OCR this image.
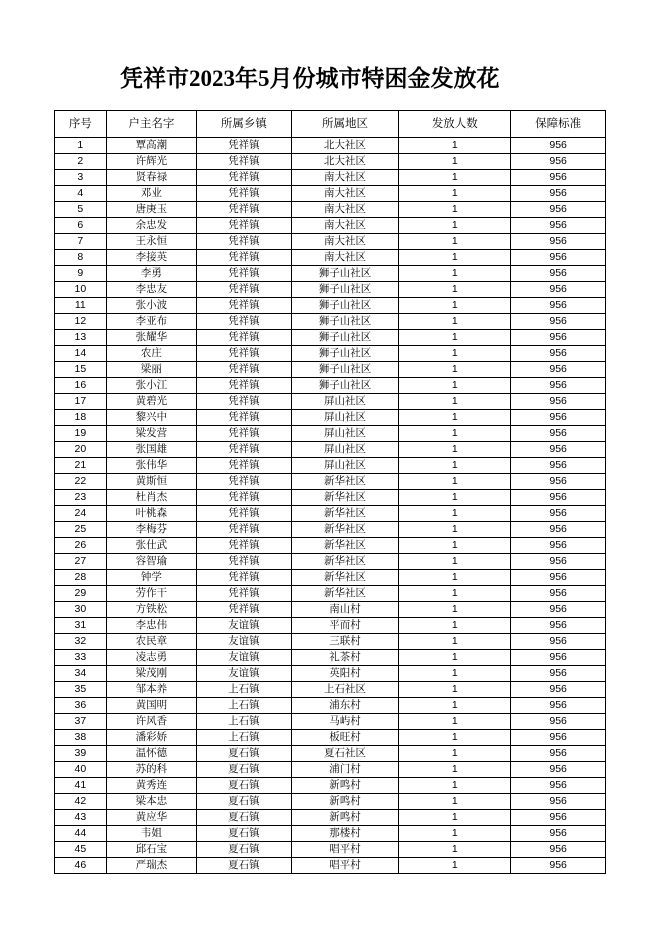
凭祥市2023年5月份城市特困金发放花
序号	户主名字	所属乡镇	所属地区	发放人数	保障标准
1	覃高潮	凭祥镇	北大社区	1	956
2	许辉光	凭祥镇	北大社区	1	956
3	贤春禄	凭祥镇	南大社区	1	956
4	邓业	凭祥镇	南大社区	1	956
5	唐庚玉	凭祥镇	南大社区	1	956
6	余忠发	凭祥镇	南大社区	1	956
7	王永恒	凭祥镇	南大社区	1	956
8	李接英	凭祥镇	南大社区	1	956
9	李勇	凭祥镇	狮子山社区	1	956
10	李忠友	凭祥镇	狮子山社区	1	956
11	张小波	凭祥镇	狮子山社区	1	956
12	李亚布	凭祥镇	狮子山社区	1	956
13	张耀华	凭祥镇	狮子山社区	1	956
14	农庄	凭祥镇	狮子山社区	1	956
15	梁丽	凭祥镇	狮子山社区	1	956
16	张小江	凭祥镇	狮子山社区	1	956
17	黄碧光	凭祥镇	屏山社区	1	956
18	黎兴中	凭祥镇	屏山社区	1	956
19	梁发营	凭祥镇	屏山社区	1	956
20	张国雄	凭祥镇	屏山社区	1	956
21	张伟华	凭祥镇	屏山社区	1	956
22	黄斯恒	凭祥镇	新华社区	1	956
23	杜肖杰	凭祥镇	新华社区	1	956
24	叶桃森	凭祥镇	新华社区	1	956
25	李梅芬	凭祥镇	新华社区	1	956
26	张仕武	凭祥镇	新华社区	1	956
27	容智瑜	凭祥镇	新华社区	1	956
28	钟学	凭祥镇	新华社区	1	956
29	劳作干	凭祥镇	新华社区	1	956
30	方铁松	凭祥镇	南山村	1	956
31	李忠伟	友谊镇	平而村	1	956
32	农民章	友谊镇	三联村	1	956
33	凌志勇	友谊镇	礼茶村	1	956
34	梁茂刚	友谊镇	英阳村	1	956
35	邹本养	上石镇	上石社区	1	956
36	黄国明	上石镇	浦东村	1	956
37	许风香	上石镇	马屿村	1	956
38	潘彩娇	上石镇	板旺村	1	956
39	温怀德	夏石镇	夏石社区	1	956
40	苏的科	夏石镇	浦门村	1	956
41	黄秀连	夏石镇	新鸣村	1	956
42	梁本忠	夏石镇	新鸣村	1	956
43	黄应华	夏石镇	新鸣村	1	956
44	韦姐	夏石镇	那楼村	1	956
45	邱石宝	夏石镇	唱平村	1	956
46	严瑞杰	夏石镇	唱平村	1	956
